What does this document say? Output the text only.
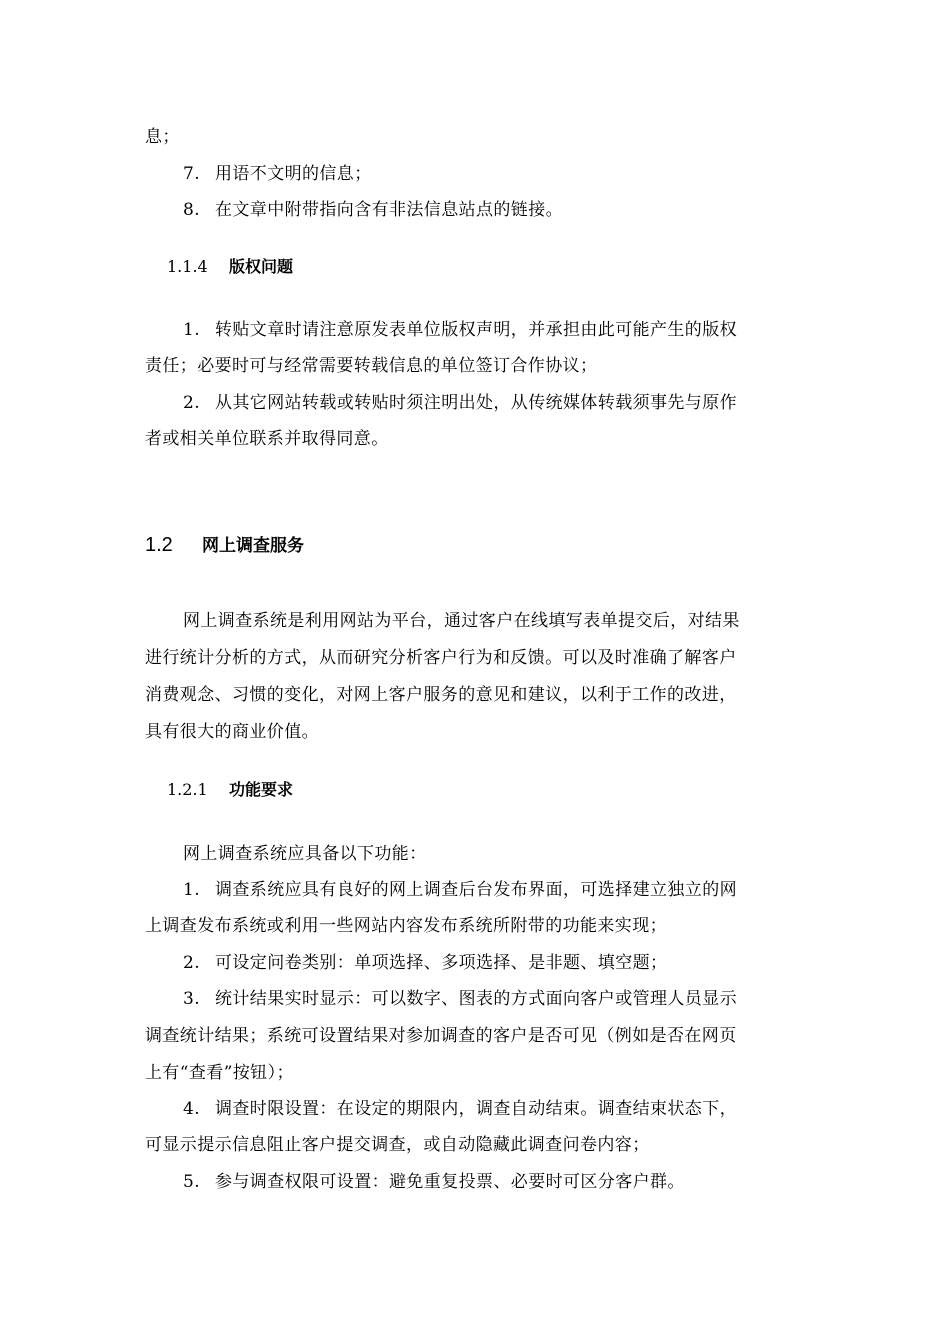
息；
7. 用语不文明的信息；
8. 在文章中附带指向含有非法信息站点的链接。
1.1.4 版权问题
1. 转贴文章时请注意原发表单位版权声明，并承担由此可能产生的版权
责任；必要时可与经常需要转载信息的单位签订合作协议；
2. 从其它网站转载或转贴时须注明出处，从传统媒体转载须事先与原作
者或相关单位联系并取得同意。
1.2 网上调查服务
网上调查系统是利用网站为平台，通过客户在线填写表单提交后，对结果
进行统计分析的方式，从而研究分析客户行为和反馈。可以及时准确了解客户
消费观念、习惯的变化，对网上客户服务的意见和建议，以利于工作的改进，
具有很大的商业价值。
1.2.1 功能要求
网上调查系统应具备以下功能：
1. 调查系统应具有良好的网上调查后台发布界面，可选择建立独立的网
上调查发布系统或利用一些网站内容发布系统所附带的功能来实现；
2. 可设定问卷类别：单项选择、多项选择、是非题、填空题；
3. 统计结果实时显示：可以数字、图表的方式面向客户或管理人员显示
调查统计结果；系统可设置结果对参加调查的客户是否可见（例如是否在网页
上有“查看”按钮）；
4. 调查时限设置：在设定的期限内，调查自动结束。调查结束状态下，
可显示提示信息阻止客户提交调查，或自动隐藏此调查问卷内容；
5. 参与调查权限可设置：避免重复投票、必要时可区分客户群。
